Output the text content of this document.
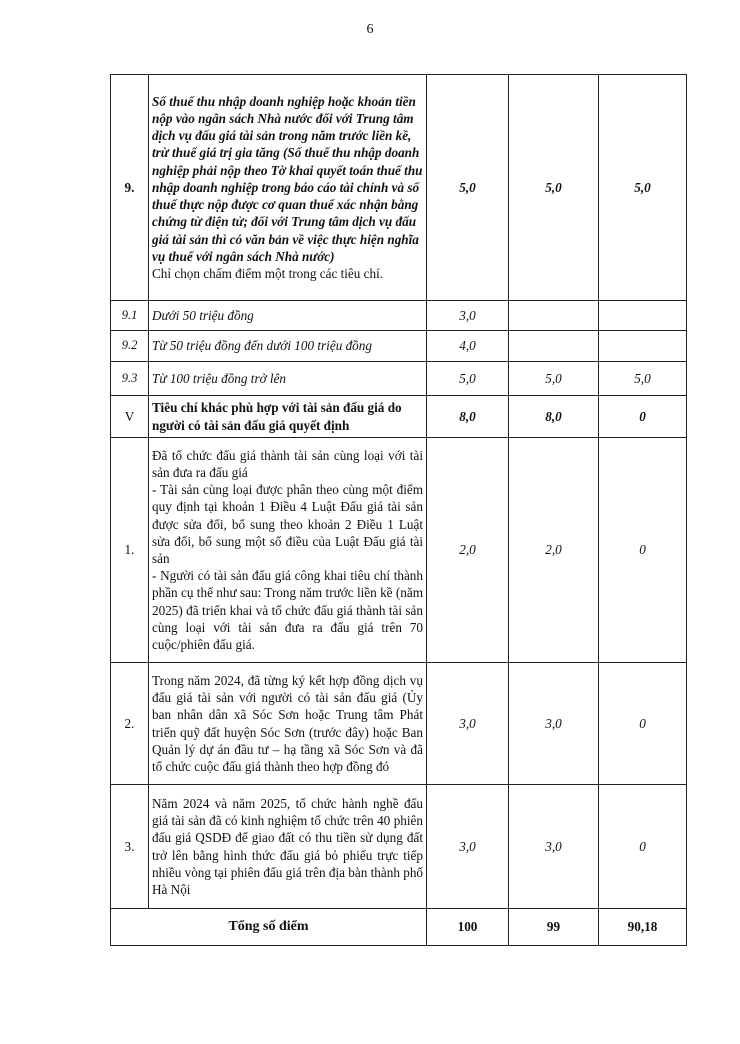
6
9.	Số thuế thu nhập doanh nghiệp hoặc khoản tiền nộp vào ngân sách Nhà nước đối với Trung tâm dịch vụ đấu giá tài sản trong năm trước liền kề, trừ thuế giá trị gia tăng (Số thuế thu nhập doanh nghiệp phải nộp theo Tờ khai quyết toán thuế thu nhập doanh nghiệp trong báo cáo tài chính và số thuế thực nộp được cơ quan thuế xác nhận bằng chứng từ điện tử; đối với Trung tâm dịch vụ đấu giá tài sản thì có văn bản về việc thực hiện nghĩa vụ thuế với ngân sách Nhà nước)
Chỉ chọn chấm điểm một trong các tiêu chí.	5,0	5,0	5,0
9.1	Dưới 50 triệu đồng	3,0		
9.2	Từ 50 triệu đồng đến dưới 100 triệu đồng	4,0		
9.3	Từ 100 triệu đồng trở lên	5,0	5,0	5,0
V	Tiêu chí khác phù hợp với tài sản đấu giá do người có tài sản đấu giá quyết định	8,0	8,0	0
1.	Đã tổ chức đấu giá thành tài sản cùng loại với tài sản đưa ra đấu giá
- Tài sản cùng loại được phân theo cùng một điểm quy định tại khoản 1 Điều 4 Luật Đấu giá tài sản được sửa đổi, bổ sung theo khoản 2 Điều 1 Luật sửa đổi, bổ sung một số điều của Luật Đấu giá tài sản
- Người có tài sản đấu giá công khai tiêu chí thành phần cụ thể như sau: Trong năm trước liền kề (năm 2025) đã triển khai và tổ chức đấu giá thành tài sản cùng loại với tài sản đưa ra đấu giá trên 70 cuộc/phiên đấu giá.	2,0	2,0	0
2.	Trong năm 2024, đã từng ký kết hợp đồng dịch vụ đấu giá tài sản với người có tài sản đấu giá (Ủy ban nhân dân xã Sóc Sơn hoặc Trung tâm Phát triển quỹ đất huyện Sóc Sơn (trước đây) hoặc Ban Quản lý dự án đầu tư – hạ tầng xã Sóc Sơn và đã tổ chức cuộc đấu giá thành theo hợp đồng đó	3,0	3,0	0
3.	Năm 2024 và năm 2025, tổ chức hành nghề đấu giá tài sản đã có kinh nghiệm tổ chức trên 40 phiên đấu giá QSDĐ để giao đất có thu tiền sử dụng đất trở lên bằng hình thức đấu giá bỏ phiếu trực tiếp nhiều vòng tại phiên đấu giá trên địa bàn thành phố Hà Nội	3,0	3,0	0
Tổng số điểm		100	99	90,18
